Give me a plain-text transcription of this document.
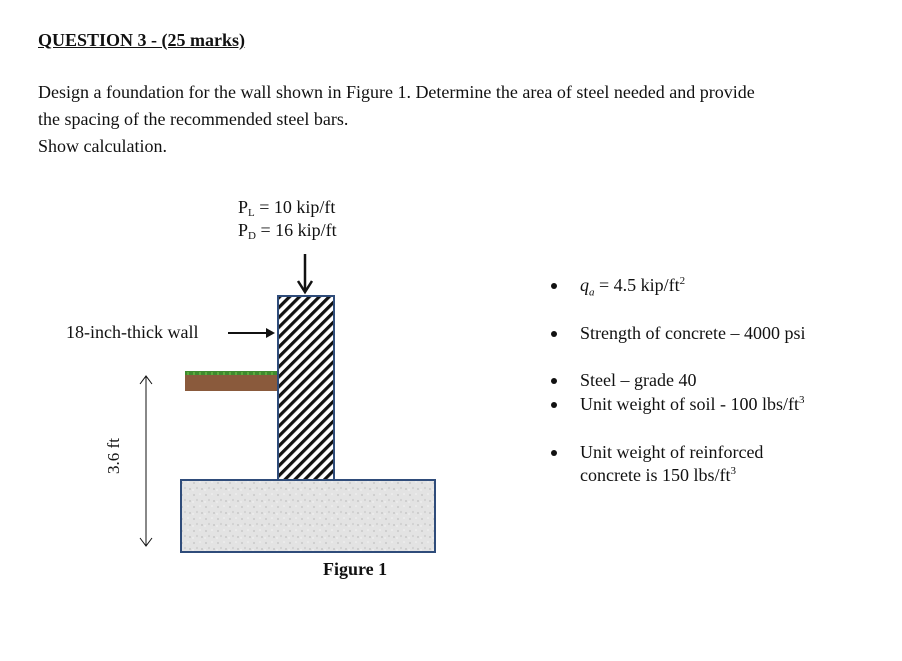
QUESTION 3 - (25 marks)
Design a foundation for the wall shown in Figure 1. Determine the area of steel needed and provide
the spacing of the recommended steel bars.
Show calculation.
$P_L = 10$ kip/ft
$P_D = 16$ kip/ft
18-inch-thick wall
3.6 ft
Figure 1
$q_a = 4.5$ kip/$ft^2$
Strength of concrete – 4000 psi
Steel – grade 40
Unit weight of soil - 100 lbs/$ft^3$
Unit weight of reinforced
concrete is 150 lbs/$ft^3$
